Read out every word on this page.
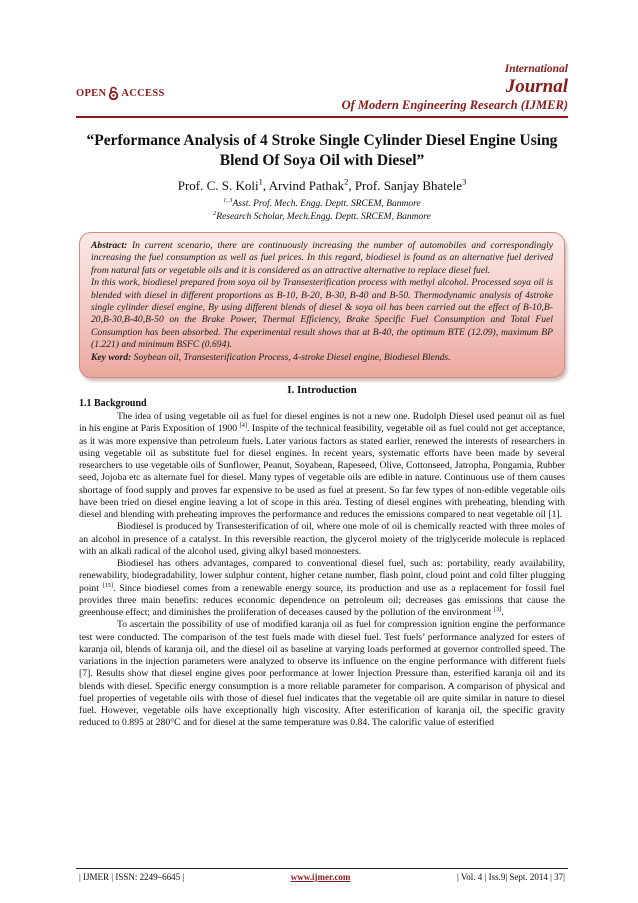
OPEN ACCESS
International
Journal
Of Modern Engineering Research (IJMER)
“Performance Analysis of 4 Stroke Single Cylinder Diesel Engine Using Blend Of Soya Oil with Diesel”
Prof. C. S. Koli$^1$, Arvind Pathak$^2$, Prof. Sanjay Bhatele$^3$
$^{1, 3}$Asst. Prof. Mech. Engg. Deptt. SRCEM, Banmore
$^2$Research Scholar, Mech.Engg. Deptt. SRCEM, Banmore
Abstract: In current scenario, there are continuously increasing the number of automobiles and correspondingly increasing the fuel consumption as well as fuel prices. In this regard, biodiesel is found as an alternative fuel derived from natural fats or vegetable oils and it is considered as an attractive alternative to replace diesel fuel.
In this work, biodiesel prepared from soya oil by Transesterification process with methyl alcohol. Processed soya oil is blended with diesel in different proportions as B-10, B-20, B-30, B-40 and B-50. Thermodynamic analysis of 4stroke single cylinder diesel engine, By using different blends of diesel & soya oil has been carried out the effect of B-10,B-20,B-30,B-40,B-50 on the Brake Power, Thermal Efficiency, Brake Specific Fuel Consumption and Total Fuel Consumption has been absorbed. The experimental result shows that at B-40, the optimum BTE (12.09), maximum BP (1.221) and minimum BSFC (0.694).
Key word: Soybean oil, Transesterification Process, 4-stroke Diesel engine, Biodiesel Blends.
I. Introduction
1.1 Background

The idea of using vegetable oil as fuel for diesel engines is not a new one. Rudolph Diesel used peanut oil as fuel in his engine at Paris Exposition of 1900 [4]. Inspite of the technical feasibility, vegetable oil as fuel could not get acceptance, as it was more expensive than petroleum fuels. Later various factors as stated earlier, renewed the interests of researchers in using vegetable oil as substitute fuel for diesel engines. In recent years, systematic efforts have been made by several researchers to use vegetable oils of Sunflower, Peanut, Soyabean, Rapeseed, Olive, Cottonseed, Jatropha, Pongamia, Rubber seed, Jojoba etc as alternate fuel for diesel. Many types of vegetable oils are edible in nature. Continuous use of them causes shortage of food supply and proves far expensive to be used as fuel at present. So far few types of non-edible vegetable oils have been tried on diesel engine leaving a lot of scope in this area. Testing of diesel engines with preheating, blending with diesel and blending with preheating improves the performance and reduces the emissions compared to neat vegetable oil [1].

Biodiesel is produced by Transesterification of oil, where one mole of oil is chemically reacted with three moles of an alcohol in presence of a catalyst. In this reversible reaction, the glycerol moiety of the triglyceride molecule is replaced with an alkali radical of the alcohol used, giving alkyl based monoesters.

Biodiesel has others advantages, compared to conventional diesel fuel, such as: portability, ready availability, renewability, biodegradability, lower sulphur content, higher cetane number, flash point, cloud point and cold filter plugging point [15]. Since biodiesel comes from a renewable energy source, its production and use as a replacement for fossil fuel provides three main benefits: reduces economic dependence on petroleum oil; decreases gas emissions that cause the greenhouse effect; and diminishes the proliferation of deceases caused by the pollution of the environment [3].

To ascertain the possibility of use of modified karanja oil as fuel for compression ignition engine the performance test were conducted. The comparison of the test fuels made with diesel fuel. Test fuels’ performance analyzed for esters of karanja oil, blends of karanja oil, and the diesel oil as baseline at varying loads performed at governor controlled speed. The variations in the injection parameters were analyzed to observe its influence on the engine performance with different fuels [7]. Results show that diesel engine gives poor performance at lower Injection Pressure than, esterified karanja oil and its blends with diesel. Specific energy consumption is a more reliable parameter for comparison. A comparison of physical and fuel properties of vegetable oils with those of diesel fuel indicates that the vegetable oil are quite similar in nature to diesel fuel. However, vegetable oils have exceptionally high viscosity. After esterification of karanja oil, the specific gravity reduced to 0.895 at 280°C and for diesel at the same temperature was 0.84. The calorific value of esterified

| IJMER | ISSN: 2249–6645 |	www.ijmer.com	| Vol. 4 | Iss.9| Sept. 2014 | 37|
